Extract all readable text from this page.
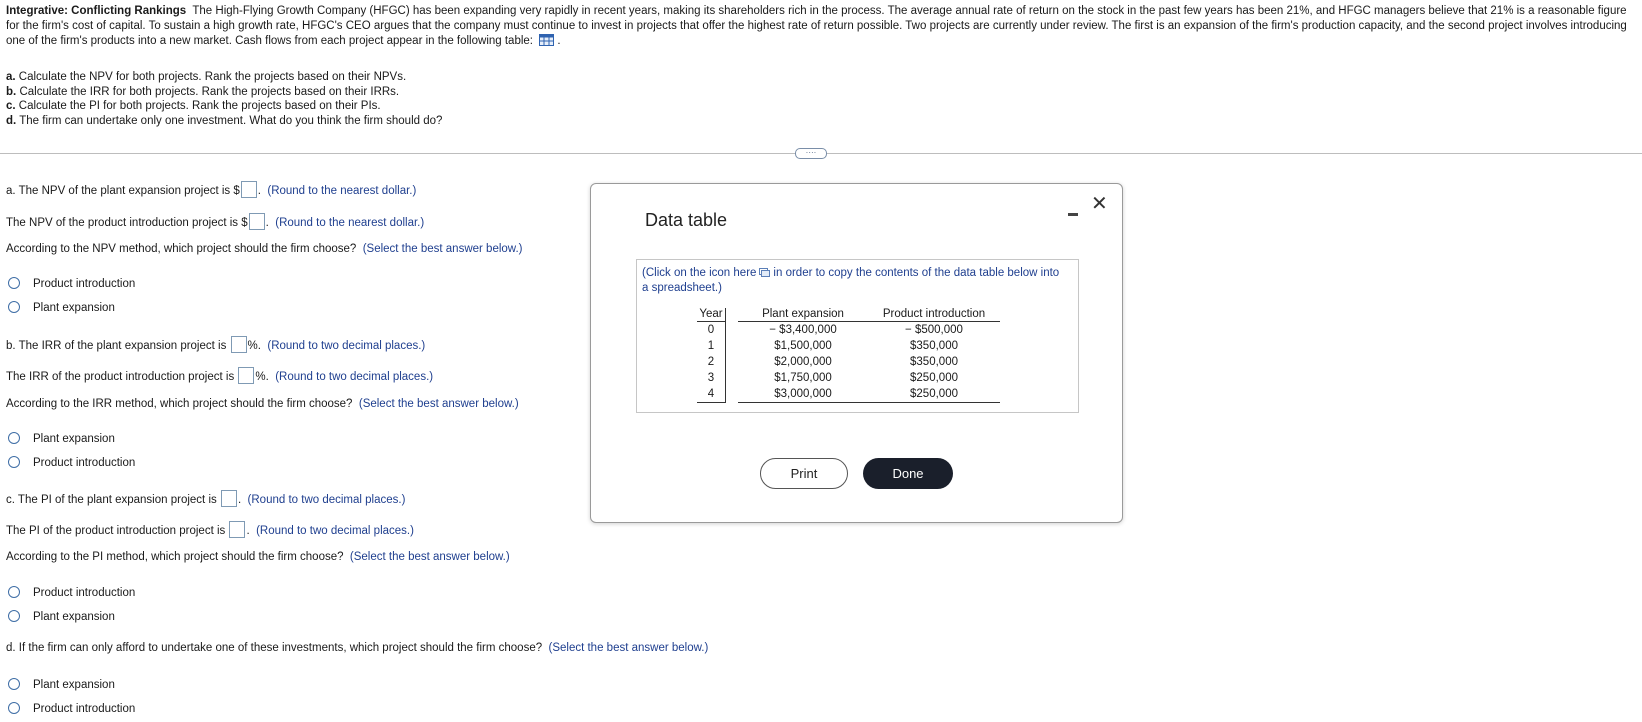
Integrative: Conflicting Rankings The High-Flying Growth Company (HFGC) has been expanding very rapidly in recent years, making its shareholders rich in the process. The average annual rate of return on the stock in the past few years has been 21%, and HFGC managers believe that 21% is a reasonable figure for the firm's cost of capital. To sustain a high growth rate, HFGC's CEO argues that the company must continue to invest in projects that offer the highest rate of return possible. Two projects are currently under review. The first is an expansion of the firm's production capacity, and the second project involves introducing one of the firm's products into a new market. Cash flows from each project appear in the following table:  .
a. Calculate the NPV for both projects. Rank the projects based on their NPVs.
b. Calculate the IRR for both projects. Rank the projects based on their IRRs.
c. Calculate the PI for both projects. Rank the projects based on their PIs.
d. The firm can undertake only one investment. What do you think the firm should do?
····
a. The NPV of the plant expansion project is $ . (Round to the nearest dollar.)
The NPV of the product introduction project is $ . (Round to the nearest dollar.)
According to the NPV method, which project should the firm choose? (Select the best answer below.)
Product introduction
Plant expansion
b. The IRR of the plant expansion project is %. (Round to two decimal places.)
The IRR of the product introduction project is %. (Round to two decimal places.)
According to the IRR method, which project should the firm choose? (Select the best answer below.)
Plant expansion
Product introduction
c. The PI of the plant expansion project is . (Round to two decimal places.)
The PI of the product introduction project is . (Round to two decimal places.)
According to the PI method, which project should the firm choose? (Select the best answer below.)
Product introduction
Plant expansion
d. If the firm can only afford to undertake one of these investments, which project should the firm choose? (Select the best answer below.)
Plant expansion
Product introduction
Data table
✕
(Click on the icon here in order to copy the contents of the data table below into a spreadsheet.)
Year		Plant expansion	Product introduction
0		− $3,400,000	− $500,000
1		$1,500,000	$350,000
2		$2,000,000	$350,000
3		$1,750,000	$250,000
4		$3,000,000	$250,000
Print	Done
